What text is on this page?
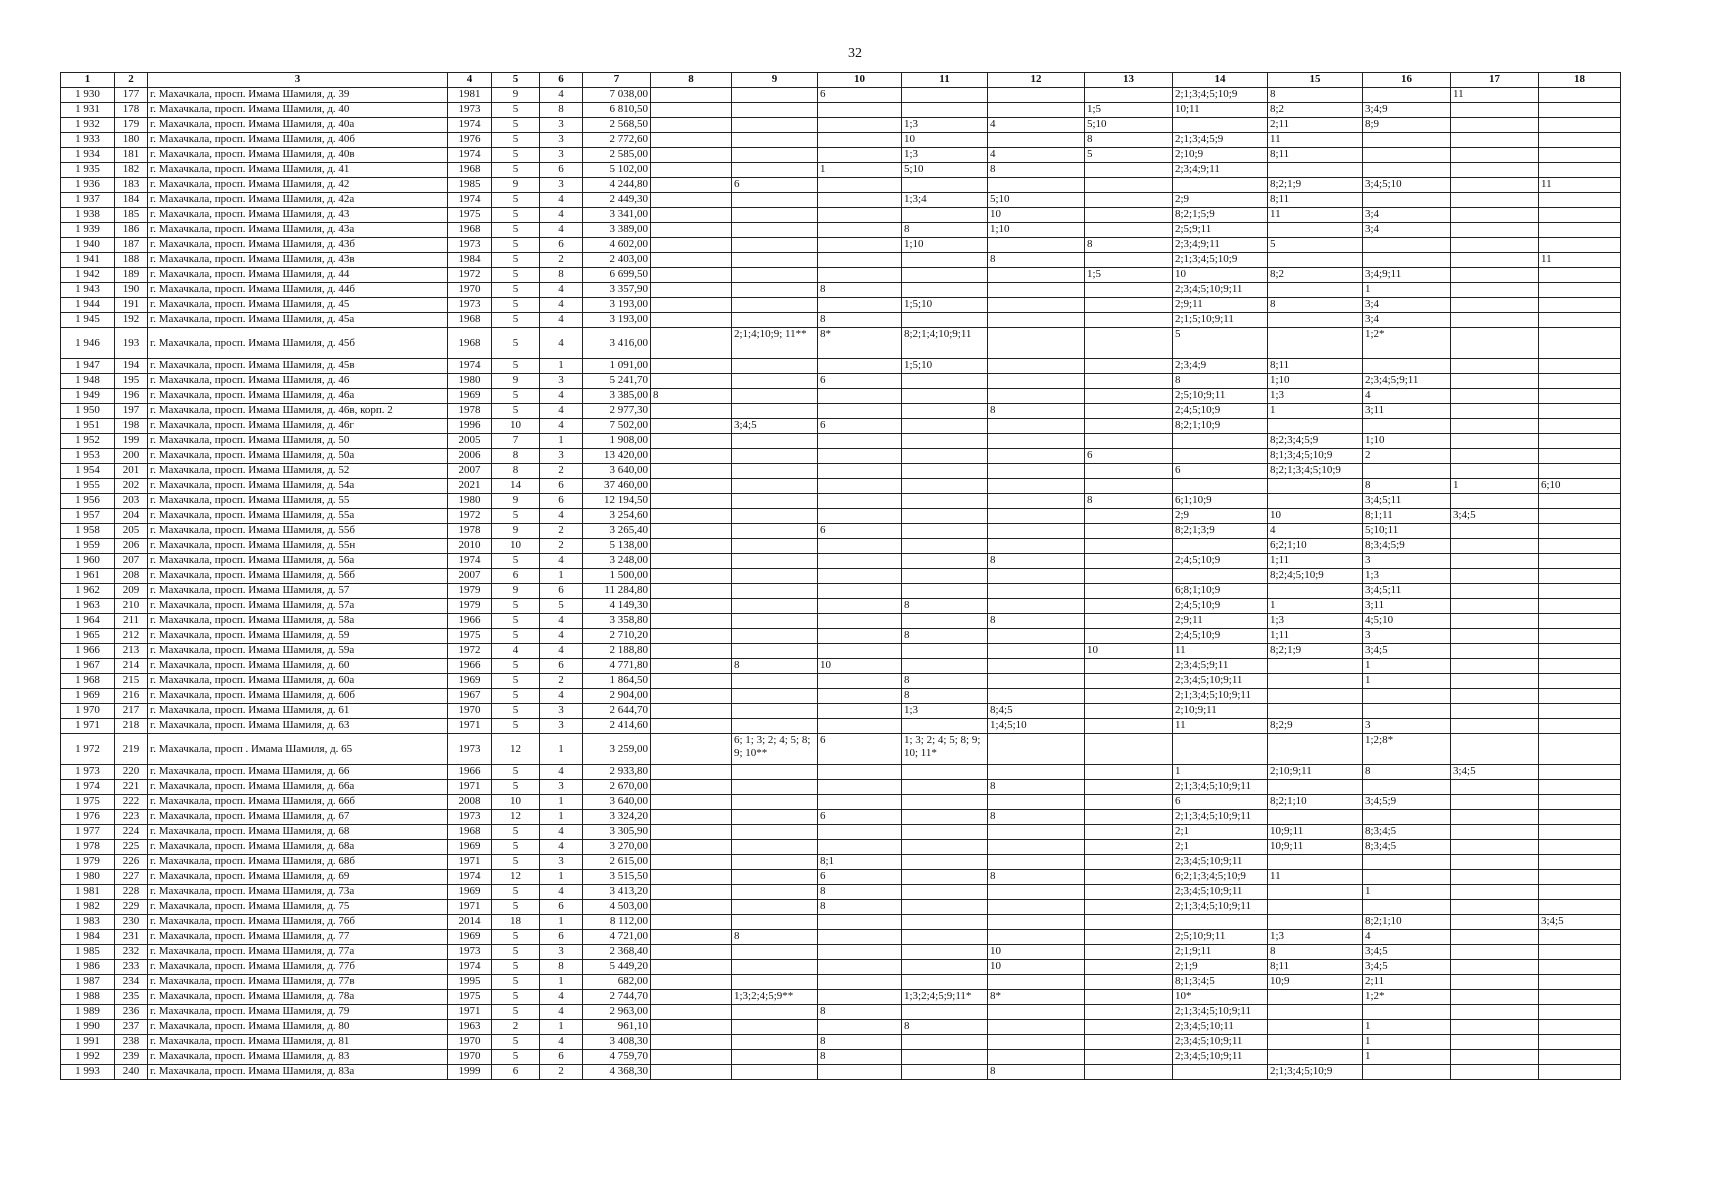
32
1	2	3	4	5	6	7	8	9	10	11	12	13	14	15	16	17	18
1 930	177	г. Махачкала, просп. Имама Шамиля, д. 39	1981	9	4	7 038,00			6				2;1;3;4;5;10;9	8		11	
1 931	178	г. Махачкала, просп. Имама Шамиля, д. 40	1973	5	8	6 810,50						1;5	10;11	8;2	3;4;9		
1 932	179	г. Махачкала, просп. Имама Шамиля, д. 40а	1974	5	3	2 568,50				1;3	4	5;10		2;11	8;9		
1 933	180	г. Махачкала, просп. Имама Шамиля, д. 40б	1976	5	3	2 772,60				10		8	2;1;3;4;5;9	11			
1 934	181	г. Махачкала, просп. Имама Шамиля, д. 40в	1974	5	3	2 585,00				1;3	4	5	2;10;9	8;11			
1 935	182	г. Махачкала, просп. Имама Шамиля, д. 41	1968	5	6	5 102,00			1	5;10	8		2;3;4;9;11				
1 936	183	г. Махачкала, просп. Имама Шамиля, д. 42	1985	9	3	4 244,80		6						8;2;1;9	3;4;5;10		11
1 937	184	г. Махачкала, просп. Имама Шамиля, д. 42а	1974	5	4	2 449,30				1;3;4	5;10		2;9	8;11			
1 938	185	г. Махачкала, просп. Имама Шамиля, д. 43	1975	5	4	3 341,00					10		8;2;1;5;9	11	3;4		
1 939	186	г. Махачкала, просп. Имама Шамиля, д. 43а	1968	5	4	3 389,00				8	1;10		2;5;9;11		3;4		
1 940	187	г. Махачкала, просп. Имама Шамиля, д. 43б	1973	5	6	4 602,00				1;10		8	2;3;4;9;11	5			
1 941	188	г. Махачкала, просп. Имама Шамиля, д. 43в	1984	5	2	2 403,00					8		2;1;3;4;5;10;9				11
1 942	189	г. Махачкала, просп. Имама Шамиля, д. 44	1972	5	8	6 699,50						1;5	10	8;2	3;4;9;11		
1 943	190	г. Махачкала, просп. Имама Шамиля, д. 44б	1970	5	4	3 357,90			8				2;3;4;5;10;9;11		1		
1 944	191	г. Махачкала, просп. Имама Шамиля, д. 45	1973	5	4	3 193,00				1;5;10			2;9;11	8	3;4		
1 945	192	г. Махачкала, просп. Имама Шамиля, д. 45а	1968	5	4	3 193,00			8				2;1;5;10;9;11		3;4		
1 946	193	г. Махачкала, просп. Имама Шамиля, д. 45б	1968	5	4	3 416,00		2;1;4;10;9; 11**	8*	8;2;1;4;10;9;11			5		1;2*		
1 947	194	г. Махачкала, просп. Имама Шамиля, д. 45в	1974	5	1	1 091,00				1;5;10			2;3;4;9	8;11			
1 948	195	г. Махачкала, просп. Имама Шамиля, д. 46	1980	9	3	5 241,70			6				8	1;10	2;3;4;5;9;11		
1 949	196	г. Махачкала, просп. Имама Шамиля, д. 46а	1969	5	4	3 385,00	8						2;5;10;9;11	1;3	4		
1 950	197	г. Махачкала, просп. Имама Шамиля, д. 46в, корп. 2	1978	5	4	2 977,30					8		2;4;5;10;9	1	3;11		
1 951	198	г. Махачкала, просп. Имама Шамиля, д. 46г	1996	10	4	7 502,00		3;4;5	6				8;2;1;10;9				
1 952	199	г. Махачкала, просп. Имама Шамиля, д. 50	2005	7	1	1 908,00								8;2;3;4;5;9	1;10		
1 953	200	г. Махачкала, просп. Имама Шамиля, д. 50а	2006	8	3	13 420,00						6		8;1;3;4;5;10;9	2		
1 954	201	г. Махачкала, просп. Имама Шамиля, д. 52	2007	8	2	3 640,00							6	8;2;1;3;4;5;10;9			
1 955	202	г. Махачкала, просп. Имама Шамиля, д. 54а	2021	14	6	37 460,00									8	1	6;10
1 956	203	г. Махачкала, просп. Имама Шамиля, д. 55	1980	9	6	12 194,50						8	6;1;10;9		3;4;5;11		
1 957	204	г. Махачкала, просп. Имама Шамиля, д. 55а	1972	5	4	3 254,60							2;9	10	8;1;11	3;4;5	
1 958	205	г. Махачкала, просп. Имама Шамиля, д. 55б	1978	9	2	3 265,40			6				8;2;1;3;9	4	5;10;11		
1 959	206	г. Махачкала, просп. Имама Шамиля, д. 55н	2010	10	2	5 138,00								6;2;1;10	8;3;4;5;9		
1 960	207	г. Махачкала, просп. Имама Шамиля, д. 56а	1974	5	4	3 248,00					8		2;4;5;10;9	1;11	3		
1 961	208	г. Махачкала, просп. Имама Шамиля, д. 56б	2007	6	1	1 500,00								8;2;4;5;10;9	1;3		
1 962	209	г. Махачкала, просп. Имама Шамиля, д. 57	1979	9	6	11 284,80							6;8;1;10;9		3;4;5;11		
1 963	210	г. Махачкала, просп. Имама Шамиля, д. 57а	1979	5	5	4 149,30				8			2;4;5;10;9	1	3;11		
1 964	211	г. Махачкала, просп. Имама Шамиля, д. 58а	1966	5	4	3 358,80					8		2;9;11	1;3	4;5;10		
1 965	212	г. Махачкала, просп. Имама Шамиля, д. 59	1975	5	4	2 710,20				8			2;4;5;10;9	1;11	3		
1 966	213	г. Махачкала, просп. Имама Шамиля, д. 59а	1972	4	4	2 188,80						10	11	8;2;1;9	3;4;5		
1 967	214	г. Махачкала, просп. Имама Шамиля, д. 60	1966	5	6	4 771,80		8	10				2;3;4;5;9;11		1		
1 968	215	г. Махачкала, просп. Имама Шамиля, д. 60а	1969	5	2	1 864,50				8			2;3;4;5;10;9;11		1		
1 969	216	г. Махачкала, просп. Имама Шамиля, д. 60б	1967	5	4	2 904,00				8			2;1;3;4;5;10;9;11				
1 970	217	г. Махачкала, просп. Имама Шамиля, д. 61	1970	5	3	2 644,70				1;3	8;4;5		2;10;9;11				
1 971	218	г. Махачкала, просп. Имама Шамиля, д. 63	1971	5	3	2 414,60					1;4;5;10		11	8;2;9	3		
1 972	219	г. Махачкала, просп . Имама Шамиля, д. 65	1973	12	1	3 259,00		6; 1; 3; 2; 4; 5; 8; 9; 10**	6	1; 3; 2; 4; 5; 8; 9; 10; 11*					1;2;8*		
1 973	220	г. Махачкала, просп. Имама Шамиля, д. 66	1966	5	4	2 933,80							1	2;10;9;11	8	3;4;5	
1 974	221	г. Махачкала, просп. Имама Шамиля, д. 66а	1971	5	3	2 670,00					8		2;1;3;4;5;10;9;11				
1 975	222	г. Махачкала, просп. Имама Шамиля, д. 66б	2008	10	1	3 640,00							6	8;2;1;10	3;4;5;9		
1 976	223	г. Махачкала, просп. Имама Шамиля, д. 67	1973	12	1	3 324,20			6		8		2;1;3;4;5;10;9;11				
1 977	224	г. Махачкала, просп. Имама Шамиля, д. 68	1968	5	4	3 305,90							2;1	10;9;11	8;3;4;5		
1 978	225	г. Махачкала, просп. Имама Шамиля, д. 68а	1969	5	4	3 270,00							2;1	10;9;11	8;3;4;5		
1 979	226	г. Махачкала, просп. Имама Шамиля, д. 68б	1971	5	3	2 615,00			8;1				2;3;4;5;10;9;11				
1 980	227	г. Махачкала, просп. Имама Шамиля, д. 69	1974	12	1	3 515,50			6		8		6;2;1;3;4;5;10;9	11			
1 981	228	г. Махачкала, просп. Имама Шамиля, д. 73а	1969	5	4	3 413,20			8				2;3;4;5;10;9;11		1		
1 982	229	г. Махачкала, просп. Имама Шамиля, д. 75	1971	5	6	4 503,00			8				2;1;3;4;5;10;9;11				
1 983	230	г. Махачкала, просп. Имама Шамиля, д. 76б	2014	18	1	8 112,00									8;2;1;10		3;4;5
1 984	231	г. Махачкала, просп. Имама Шамиля, д. 77	1969	5	6	4 721,00		8					2;5;10;9;11	1;3	4		
1 985	232	г. Махачкала, просп. Имама Шамиля, д. 77а	1973	5	3	2 368,40					10		2;1;9;11	8	3;4;5		
1 986	233	г. Махачкала, просп. Имама Шамиля, д. 77б	1974	5	8	5 449,20					10		2;1;9	8;11	3;4;5		
1 987	234	г. Махачкала, просп. Имама Шамиля, д. 77в	1995	5	1	682,00							8;1;3;4;5	10;9	2;11		
1 988	235	г. Махачкала, просп. Имама Шамиля, д. 78а	1975	5	4	2 744,70		1;3;2;4;5;9**		1;3;2;4;5;9;11*	8*		10*		1;2*		
1 989	236	г. Махачкала, просп. Имама Шамиля, д. 79	1971	5	4	2 963,00			8				2;1;3;4;5;10;9;11				
1 990	237	г. Махачкала, просп. Имама Шамиля, д. 80	1963	2	1	961,10				8			2;3;4;5;10;11		1		
1 991	238	г. Махачкала, просп. Имама Шамиля, д. 81	1970	5	4	3 408,30			8				2;3;4;5;10;9;11		1		
1 992	239	г. Махачкала, просп. Имама Шамиля, д. 83	1970	5	6	4 759,70			8				2;3;4;5;10;9;11		1		
1 993	240	г. Махачкала, просп. Имама Шамиля, д. 83а	1999	6	2	4 368,30					8			2;1;3;4;5;10;9			
